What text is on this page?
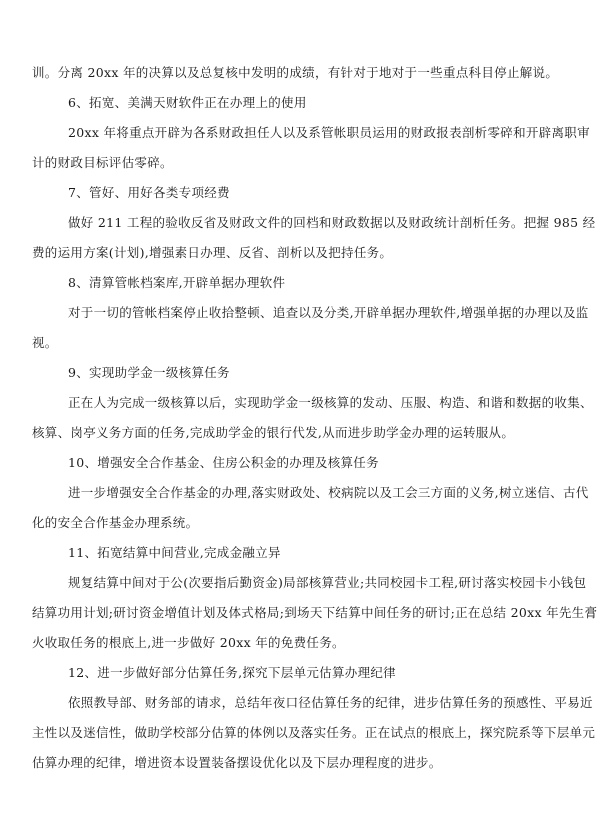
训。分离 20xx 年的决算以及总复核中发明的成绩，有针对于地对于一些重点科目停止解说。
6、拓宽、美满天财软件正在办理上的使用
20xx 年将重点开辟为各系财政担任人以及系管帐职员运用的财政报表剖析零碎和开辟离职审
计的财政目标评估零碎。
7、管好、用好各类专项经费
做好 211 工程的验收反省及财政文件的回档和财政数据以及财政统计剖析任务。把握 985 经
费的运用方案(计划),增强素日办理、反省、剖析以及把持任务。
8、清算管帐档案库,开辟单据办理软件
对于一切的管帐档案停止收拾整顿、追查以及分类,开辟单据办理软件,增强单据的办理以及监
视。
9、实现助学金一级核算任务
正在人为完成一级核算以后，实现助学金一级核算的发动、压服、构造、和谐和数据的收集、
核算、岗亭义务方面的任务,完成助学金的银行代发,从而进步助学金办理的运转服从。
10、增强安全合作基金、住房公积金的办理及核算任务
进一步增强安全合作基金的办理,落实财政处、校病院以及工会三方面的义务,树立迷信、古代
化的安全合作基金办理系统。
11、拓宽结算中间营业,完成金融立异
规复结算中间对于公(次要指后勤资金)局部核算营业;共同校园卡工程,研讨落实校园卡小钱包
结算功用计划;研讨资金增值计划及体式格局;到场天下结算中间任务的研讨;正在总结 20xx 年先生膏
火收取任务的根底上,进一步做好 20xx 年的免费任务。
12、进一步做好部分估算任务,探究下层单元估算办理纪律
依照教导部、财务部的请求，总结年夜口径估算任务的纪律，进步估算任务的预感性、平易近
主性以及迷信性，做助学校部分估算的体例以及落实任务。正在试点的根底上，探究院系等下层单元
估算办理的纪律，增进资本设置装备摆设优化以及下层办理程度的进步。
